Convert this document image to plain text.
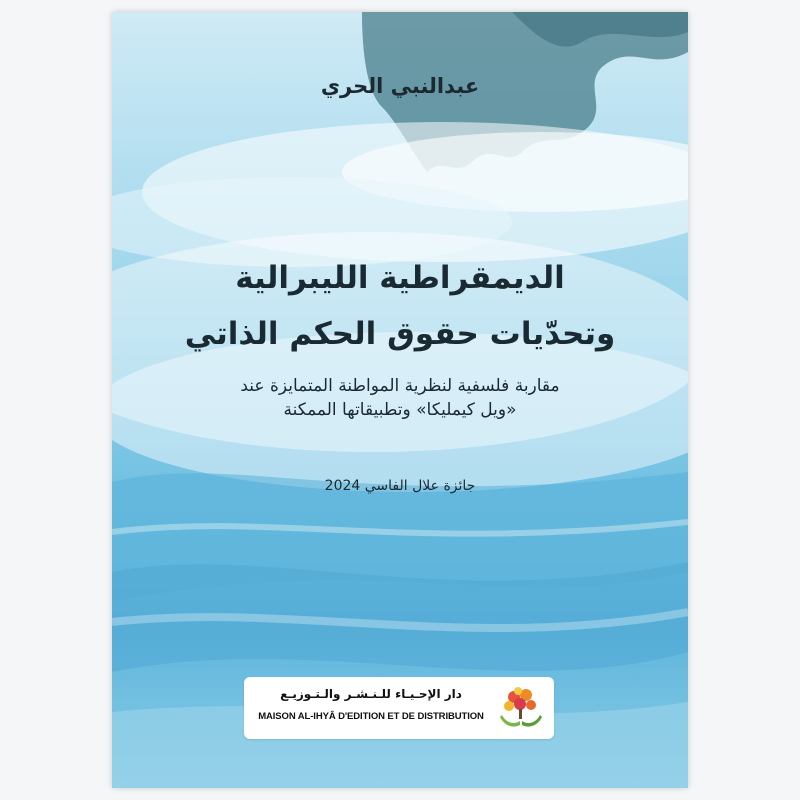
عبدالنبي الحري
الديمقراطية الليبرالية
وتحدّيات حقوق الحكم الذاتي
مقاربة فلسفية لنظرية المواطنة المتمايزة عند
«ويل كيمليكا» وتطبيقاتها الممكنة
جائزة علال الفاسي 2024
دار الإحـيـاء للـنـشـر والـتـوزيـع
MAISON AL-IHYÂ D'EDITION ET DE DISTRIBUTION
